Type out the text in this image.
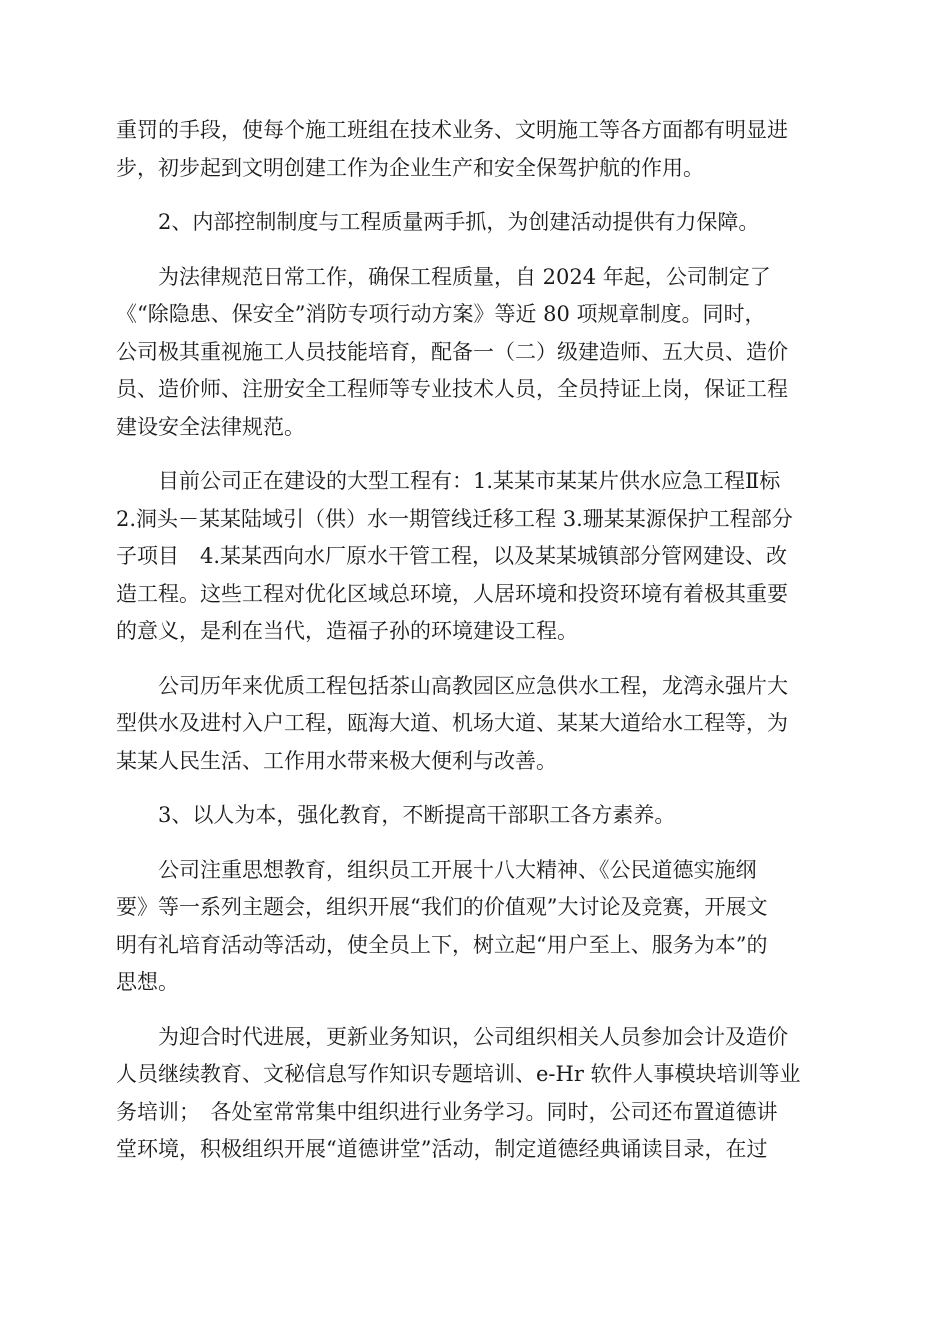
重罚的手段，使每个施工班组在技术业务、文明施工等各方面都有明显进
步，初步起到文明创建工作为企业生产和安全保驾护航的作用。

2、内部控制制度与工程质量两手抓，为创建活动提供有力保障。

为法律规范日常工作，确保工程质量，自 2024 年起，公司制定了
《“除隐患、保安全”消防专项行动方案》等近 80 项规章制度。同时，
公司极其重视施工人员技能培育，配备一（二）级建造师、五大员、造价
员、造价师、注册安全工程师等专业技术人员，全员持证上岗，保证工程
建设安全法律规范。

目前公司正在建设的大型工程有：1.某某市某某片供水应急工程Ⅱ标
2.洞头－某某陆域引（供）水一期管线迁移工程 3.珊某某源保护工程部分
子项目　4.某某西向水厂原水干管工程，以及某某城镇部分管网建设、改
造工程。这些工程对优化区域总环境，人居环境和投资环境有着极其重要
的意义，是利在当代，造福子孙的环境建设工程。

公司历年来优质工程包括茶山高教园区应急供水工程，龙湾永强片大
型供水及进村入户工程，瓯海大道、机场大道、某某大道给水工程等，为
某某人民生活、工作用水带来极大便利与改善。

3、以人为本，强化教育，不断提高干部职工各方素养。

公司注重思想教育，组织员工开展十八大精神、《公民道德实施纲
要》等一系列主题会，组织开展“我们的价值观”大讨论及竞赛，开展文
明有礼培育活动等活动，使全员上下，树立起“用户至上、服务为本”的
思想。

为迎合时代进展，更新业务知识，公司组织相关人员参加会计及造价
人员继续教育、文秘信息写作知识专题培训、e-Hr 软件人事模块培训等业
务培训；　各处室常常集中组织进行业务学习。同时，公司还布置道德讲
堂环境，积极组织开展“道德讲堂”活动，制定道德经典诵读目录，在过
